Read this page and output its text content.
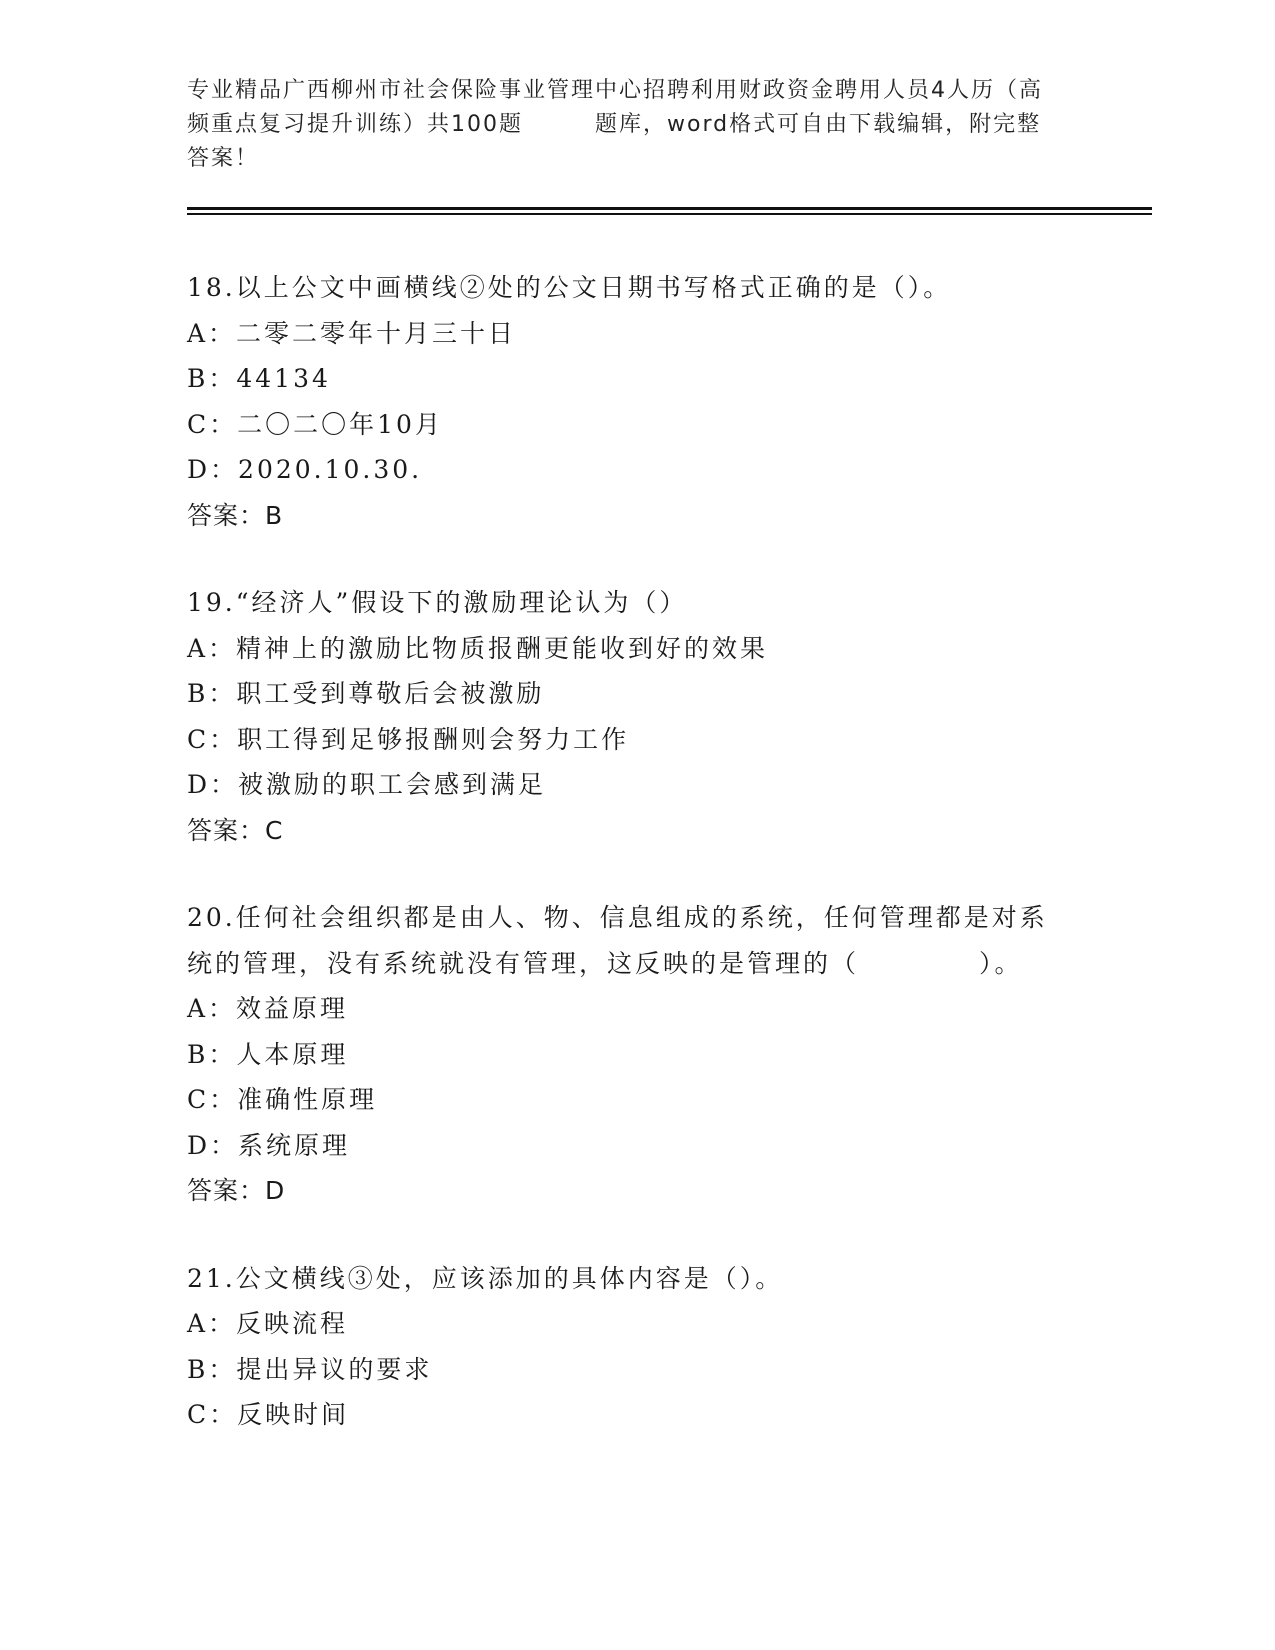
专业精品广西柳州市社会保险事业管理中心招聘利用财政资金聘用人员4人历（高
频重点复习提升训练）共100题	题库，word格式可自由下载编辑，附完整
答案！
18.以上公文中画横线②处的公文日期书写格式正确的是（）。
A：二零二零年十月三十日
B：44134
C：二〇二〇年10月
D：2020.10.30.
答案：B
19.“经济人”假设下的激励理论认为（）
A：精神上的激励比物质报酬更能收到好的效果
B：职工受到尊敬后会被激励
C：职工得到足够报酬则会努力工作
D：被激励的职工会感到满足
答案：C
20.任何社会组织都是由人、物、信息组成的系统，任何管理都是对系
统的管理，没有系统就没有管理，这反映的是管理的（	）。
A：效益原理
B：人本原理
C：准确性原理
D：系统原理
答案：D
21.公文横线③处，应该添加的具体内容是（）。
A：反映流程
B：提出异议的要求
C：反映时间
